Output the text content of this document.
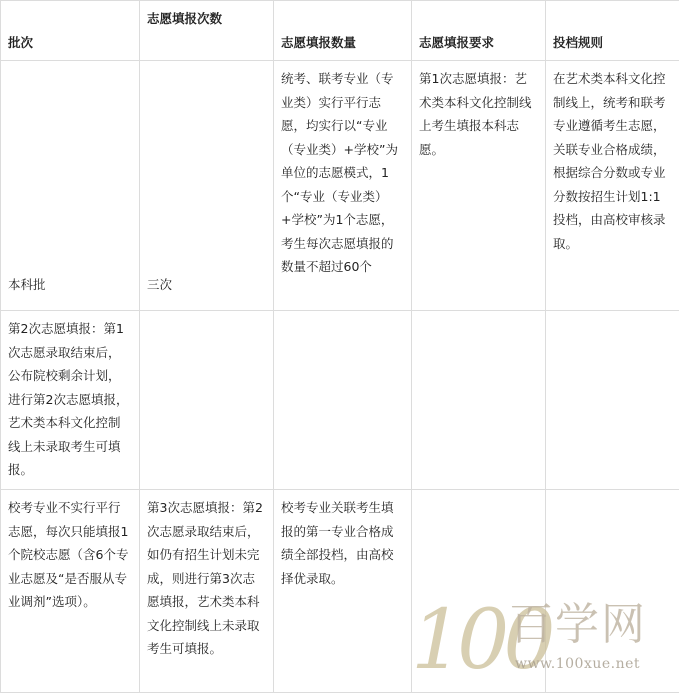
批次	志愿填报次数	志愿填报数量	志愿填报要求	投档规则
本科批	三次	统考、联考专业（专业类）实行平行志愿，均实行以“专业（专业类）+学校”为单位的志愿模式，1个“专业（专业类）+学校”为1个志愿，考生每次志愿填报的数量不超过60个	第1次志愿填报：艺术类本科文化控制线上考生填报本科志愿。	在艺术类本科文化控制线上，统考和联考专业遵循考生志愿，关联专业合格成绩，根据综合分数或专业分数按招生计划1:1投档，由高校审核录取。
第2次志愿填报：第1次志愿录取结束后，公布院校剩余计划，进行第2次志愿填报，艺术类本科文化控制线上未录取考生可填报。				
校考专业不实行平行志愿，每次只能填报1个院校志愿（含6个专业志愿及“是否服从专业调剂”选项）。	第3次志愿填报：第2次志愿录取结束后，如仍有招生计划未完成，则进行第3次志愿填报，艺术类本科文化控制线上未录取考生可填报。	校考专业关联考生填报的第一专业合格成绩全部投档，由高校择优录取。		
100
百学网
www.100xue.net
